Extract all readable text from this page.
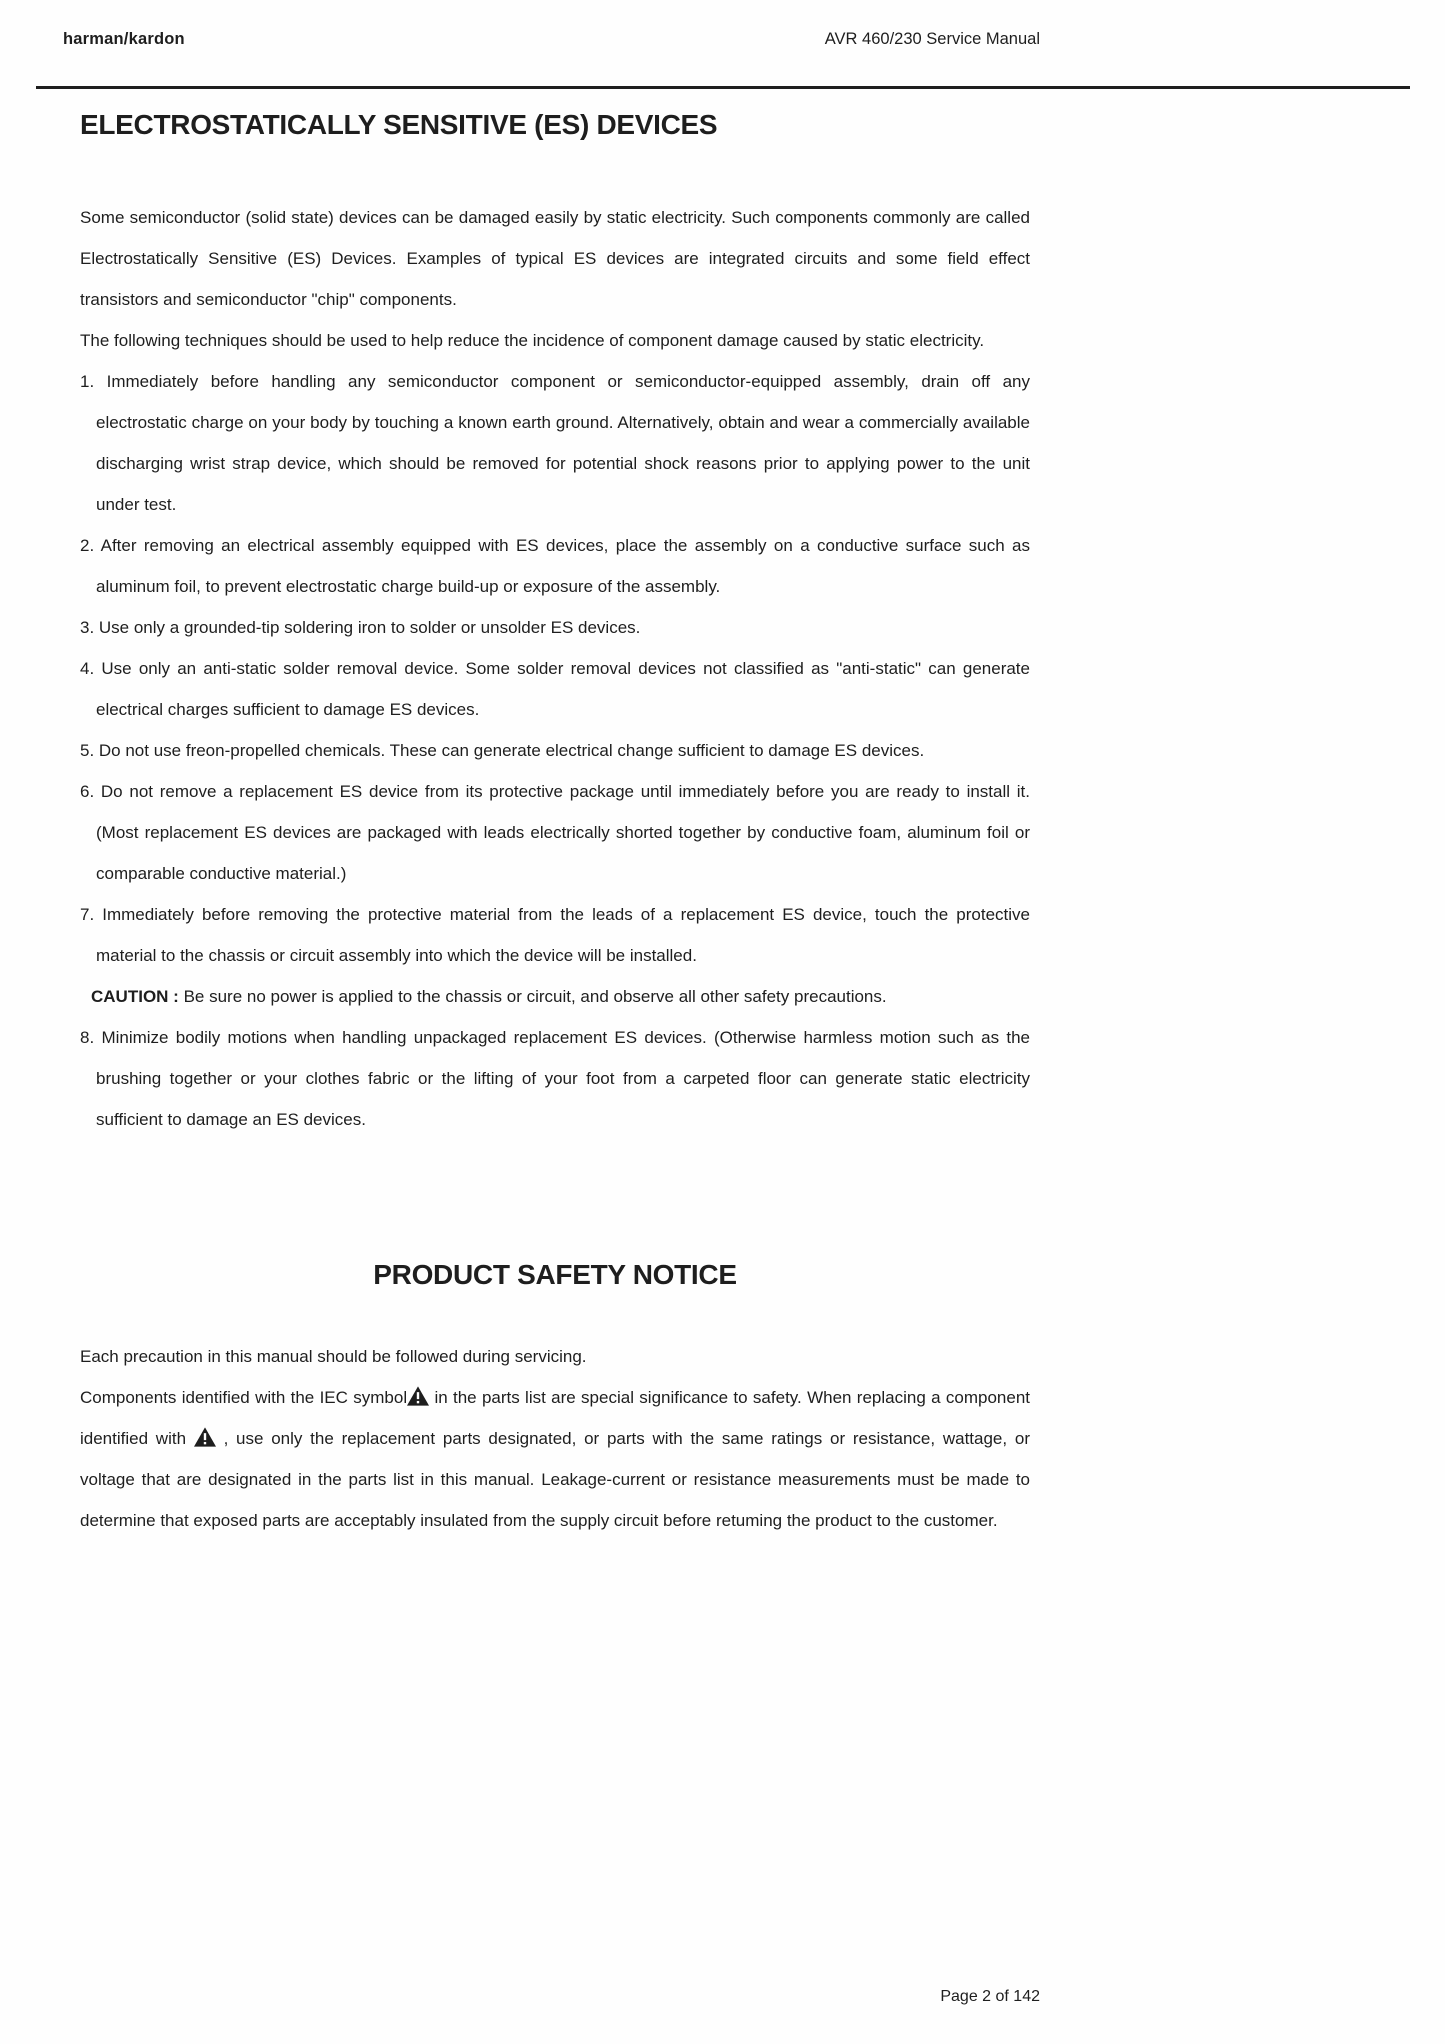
harman/kardon	AVR 460/230 Service Manual
ELECTROSTATICALLY SENSITIVE (ES) DEVICES

Some semiconductor (solid state) devices can be damaged easily by static electricity. Such components commonly are called Electrostatically Sensitive (ES) Devices. Examples of typical ES devices are integrated circuits and some field effect transistors and semiconductor "chip" components.

The following techniques should be used to help reduce the incidence of component damage caused by static electricity.

1. Immediately before handling any semiconductor component or semiconductor-equipped assembly, drain off any electrostatic charge on your body by touching a known earth ground. Alternatively, obtain and wear a commercially available discharging wrist strap device, which should be removed for potential shock reasons prior to applying power to the unit under test.

2. After removing an electrical assembly equipped with ES devices, place the assembly on a conductive surface such as aluminum foil, to prevent electrostatic charge build-up or exposure of the assembly.

3. Use only a grounded-tip soldering iron to solder or unsolder ES devices.

4. Use only an anti-static solder removal device. Some solder removal devices not classified as "anti-static" can generate electrical charges sufficient to damage ES devices.

5. Do not use freon-propelled chemicals. These can generate electrical change sufficient to damage ES devices.

6. Do not remove a replacement ES device from its protective package until immediately before you are ready to install it. (Most replacement ES devices are packaged with leads electrically shorted together by conductive foam, aluminum foil or comparable conductive material.)

7. Immediately before removing the protective material from the leads of a replacement ES device, touch the protective material to the chassis or circuit assembly into which the device will be installed.

CAUTION : Be sure no power is applied to the chassis or circuit, and observe all other safety precautions.

8. Minimize bodily motions when handling unpackaged replacement ES devices. (Otherwise harmless motion such as the brushing together or your clothes fabric or the lifting of your foot from a carpeted floor can generate static electricity sufficient to damage an ES devices.

PRODUCT SAFETY NOTICE

Each precaution in this manual should be followed during servicing.

Components identified with the IEC symbol in the parts list are special significance to safety. When replacing a component identified with , use only the replacement parts designated, or parts with the same ratings or resistance, wattage, or voltage that are designated in the parts list in this manual. Leakage-current or resistance measurements must be made to determine that exposed parts are acceptably insulated from the supply circuit before retuming the product to the customer.

Page 2 of 142
